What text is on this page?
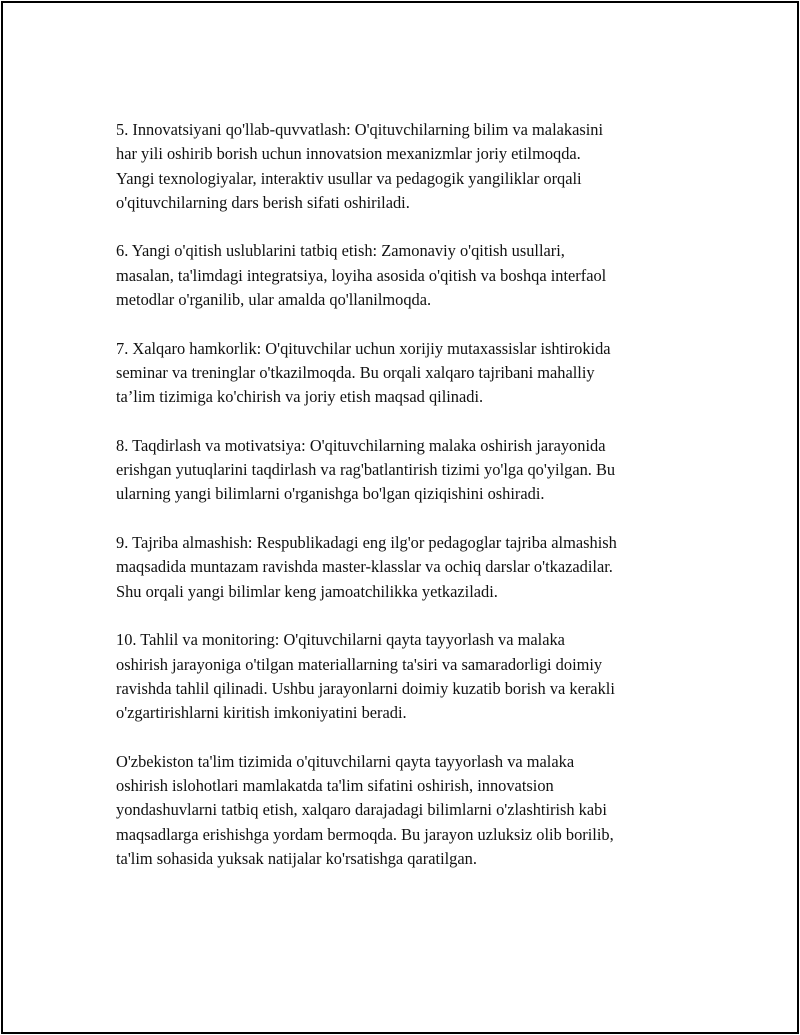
5. Innovatsiyani qo'llab-quvvatlash: O'qituvchilarning bilim va malakasini
har yili oshirib borish uchun innovatsion mexanizmlar joriy etilmoqda.
Yangi texnologiyalar, interaktiv usullar va pedagogik yangiliklar orqali
o'qituvchilarning dars berish sifati oshiriladi.

6. Yangi o'qitish uslublarini tatbiq etish: Zamonaviy o'qitish usullari,
masalan, ta'limdagi integratsiya, loyiha asosida o'qitish va boshqa interfaol
metodlar o'rganilib, ular amalda qo'llanilmoqda.

7. Xalqaro hamkorlik: O'qituvchilar uchun xorijiy mutaxassislar ishtirokida
seminar va treninglar o'tkazilmoqda. Bu orqali xalqaro tajribani mahalliy
ta’lim tizimiga ko'chirish va joriy etish maqsad qilinadi.

8. Taqdirlash va motivatsiya: O'qituvchilarning malaka oshirish jarayonida
erishgan yutuqlarini taqdirlash va rag'batlantirish tizimi yo'lga qo'yilgan. Bu
ularning yangi bilimlarni o'rganishga bo'lgan qiziqishini oshiradi.

9. Tajriba almashish: Respublikadagi eng ilg'or pedagoglar tajriba almashish
maqsadida muntazam ravishda master-klasslar va ochiq darslar o'tkazadilar.
Shu orqali yangi bilimlar keng jamoatchilikka yetkaziladi.

10. Tahlil va monitoring: O'qituvchilarni qayta tayyorlash va malaka
oshirish jarayoniga o'tilgan materiallarning ta'siri va samaradorligi doimiy
ravishda tahlil qilinadi. Ushbu jarayonlarni doimiy kuzatib borish va kerakli
o'zgartirishlarni kiritish imkoniyatini beradi.

O'zbekiston ta'lim tizimida o'qituvchilarni qayta tayyorlash va malaka
oshirish islohotlari mamlakatda ta'lim sifatini oshirish, innovatsion
yondashuvlarni tatbiq etish, xalqaro darajadagi bilimlarni o'zlashtirish kabi
maqsadlarga erishishga yordam bermoqda. Bu jarayon uzluksiz olib borilib,
ta'lim sohasida yuksak natijalar ko'rsatishga qaratilgan.
